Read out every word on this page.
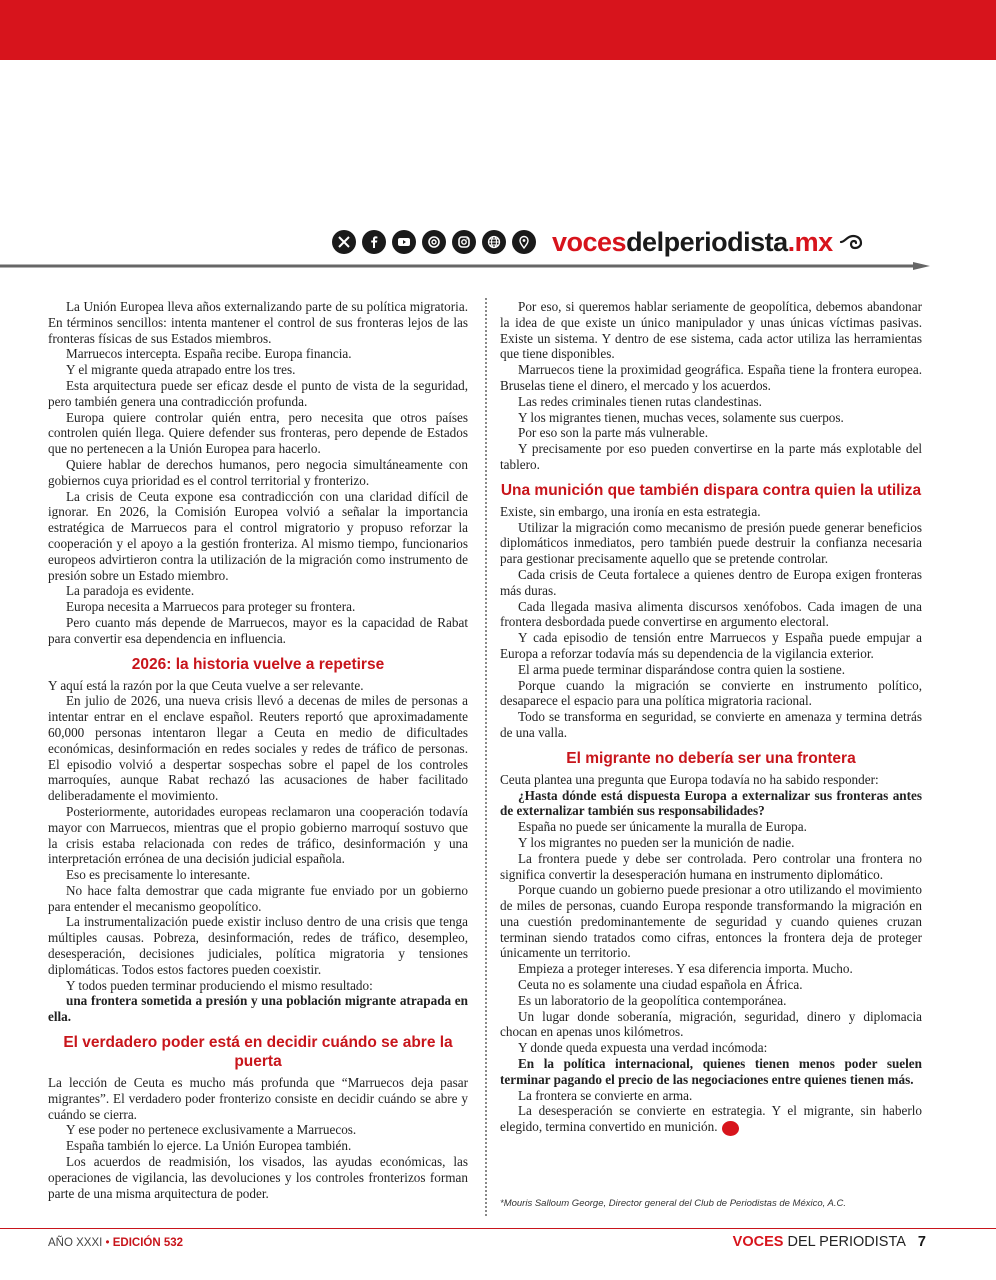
voces delperiodista .mx

La Unión Europea lleva años externalizando parte de su política migratoria. En términos sencillos: intenta mantener el control de sus fronteras lejos de las fronteras físicas de sus Estados miembros.

Marruecos intercepta. España recibe. Europa financia.

Y el migrante queda atrapado entre los tres.

Esta arquitectura puede ser eficaz desde el punto de vista de la seguridad, pero también genera una contradicción profunda.

Europa quiere controlar quién entra, pero necesita que otros países controlen quién llega. Quiere defender sus fronteras, pero depende de Estados que no pertenecen a la Unión Europea para hacerlo.

Quiere hablar de derechos humanos, pero negocia simultáneamente con gobiernos cuya prioridad es el control territorial y fronterizo.

La crisis de Ceuta expone esa contradicción con una claridad difícil de ignorar. En 2026, la Comisión Europea volvió a señalar la importancia estratégica de Marruecos para el control migratorio y propuso reforzar la cooperación y el apoyo a la gestión fronteriza. Al mismo tiempo, funcionarios europeos advirtieron contra la utilización de la migración como instrumento de presión sobre un Estado miembro.

La paradoja es evidente.

Europa necesita a Marruecos para proteger su frontera.

Pero cuanto más depende de Marruecos, mayor es la capacidad de Rabat para convertir esa dependencia en influencia.

2026: la historia vuelve a repetirse

Y aquí está la razón por la que Ceuta vuelve a ser relevante.

En julio de 2026, una nueva crisis llevó a decenas de miles de personas a intentar entrar en el enclave español. Reuters reportó que aproximadamente 60,000 personas intentaron llegar a Ceuta en medio de dificultades económicas, desinformación en redes sociales y redes de tráfico de personas. El episodio volvió a despertar sospechas sobre el papel de los controles marroquíes, aunque Rabat rechazó las acusaciones de haber facilitado deliberadamente el movimiento.

Posteriormente, autoridades europeas reclamaron una cooperación todavía mayor con Marruecos, mientras que el propio gobierno marroquí sostuvo que la crisis estaba relacionada con redes de tráfico, desinformación y una interpretación errónea de una decisión judicial española.

Eso es precisamente lo interesante.

No hace falta demostrar que cada migrante fue enviado por un gobierno para entender el mecanismo geopolítico.

La instrumentalización puede existir incluso dentro de una crisis que tenga múltiples causas. Pobreza, desinformación, redes de tráfico, desempleo, desesperación, decisiones judiciales, política migratoria y tensiones diplomáticas. Todos estos factores pueden coexistir.

Y todos pueden terminar produciendo el mismo resultado:

una frontera sometida a presión y una población migrante atrapada en ella.

El verdadero poder está en decidir cuándo se abre la puerta

La lección de Ceuta es mucho más profunda que “Marruecos deja pasar migrantes”. El verdadero poder fronterizo consiste en decidir cuándo se abre y cuándo se cierra.

Y ese poder no pertenece exclusivamente a Marruecos.

España también lo ejerce. La Unión Europea también.

Los acuerdos de readmisión, los visados, las ayudas económicas, las operaciones de vigilancia, las devoluciones y los controles fronterizos forman parte de una misma arquitectura de poder.

Por eso, si queremos hablar seriamente de geopolítica, debemos abandonar la idea de que existe un único manipulador y unas únicas víctimas pasivas. Existe un sistema. Y dentro de ese sistema, cada actor utiliza las herramientas que tiene disponibles.

Marruecos tiene la proximidad geográfica. España tiene la frontera europea. Bruselas tiene el dinero, el mercado y los acuerdos.

Las redes criminales tienen rutas clandestinas.

Y los migrantes tienen, muchas veces, solamente sus cuerpos.

Por eso son la parte más vulnerable.

Y precisamente por eso pueden convertirse en la parte más explotable del tablero.

Una munición que también dispara contra quien la utiliza

Existe, sin embargo, una ironía en esta estrategia.

Utilizar la migración como mecanismo de presión puede generar beneficios diplomáticos inmediatos, pero también puede destruir la confianza necesaria para gestionar precisamente aquello que se pretende controlar.

Cada crisis de Ceuta fortalece a quienes dentro de Europa exigen fronteras más duras.

Cada llegada masiva alimenta discursos xenófobos. Cada imagen de una frontera desbordada puede convertirse en argumento electoral.

Y cada episodio de tensión entre Marruecos y España puede empujar a Europa a reforzar todavía más su dependencia de la vigilancia exterior.

El arma puede terminar disparándose contra quien la sostiene.

Porque cuando la migración se convierte en instrumento político, desaparece el espacio para una política migratoria racional.

Todo se transforma en seguridad, se convierte en amenaza y termina detrás de una valla.

El migrante no debería ser una frontera

Ceuta plantea una pregunta que Europa todavía no ha sabido responder:

¿Hasta dónde está dispuesta Europa a externalizar sus fronteras antes de externalizar también sus responsabilidades?

España no puede ser únicamente la muralla de Europa.

Y los migrantes no pueden ser la munición de nadie.

La frontera puede y debe ser controlada. Pero controlar una frontera no significa convertir la desesperación humana en instrumento diplomático.

Porque cuando un gobierno puede presionar a otro utilizando el movimiento de miles de personas, cuando Europa responde transformando la migración en una cuestión predominantemente de seguridad y cuando quienes cruzan terminan siendo tratados como cifras, entonces la frontera deja de proteger únicamente un territorio.

Empieza a proteger intereses. Y esa diferencia importa. Mucho.

Ceuta no es solamente una ciudad española en África.

Es un laboratorio de la geopolítica contemporánea.

Un lugar donde soberanía, migración, seguridad, dinero y diplomacia chocan en apenas unos kilómetros.

Y donde queda expuesta una verdad incómoda:

En la política internacional, quienes tienen menos poder suelen terminar pagando el precio de las negociaciones entre quienes tienen más.

La frontera se convierte en arma.

La desesperación se convierte en estrategia. Y el migrante, sin haberlo elegido, termina convertido en munición. VP

*Mouris Salloum George, Director general del Club de Periodistas de México, A.C.
AÑO XXXI • EDICIÓN 532	VOCES DEL PERIODISTA 7
